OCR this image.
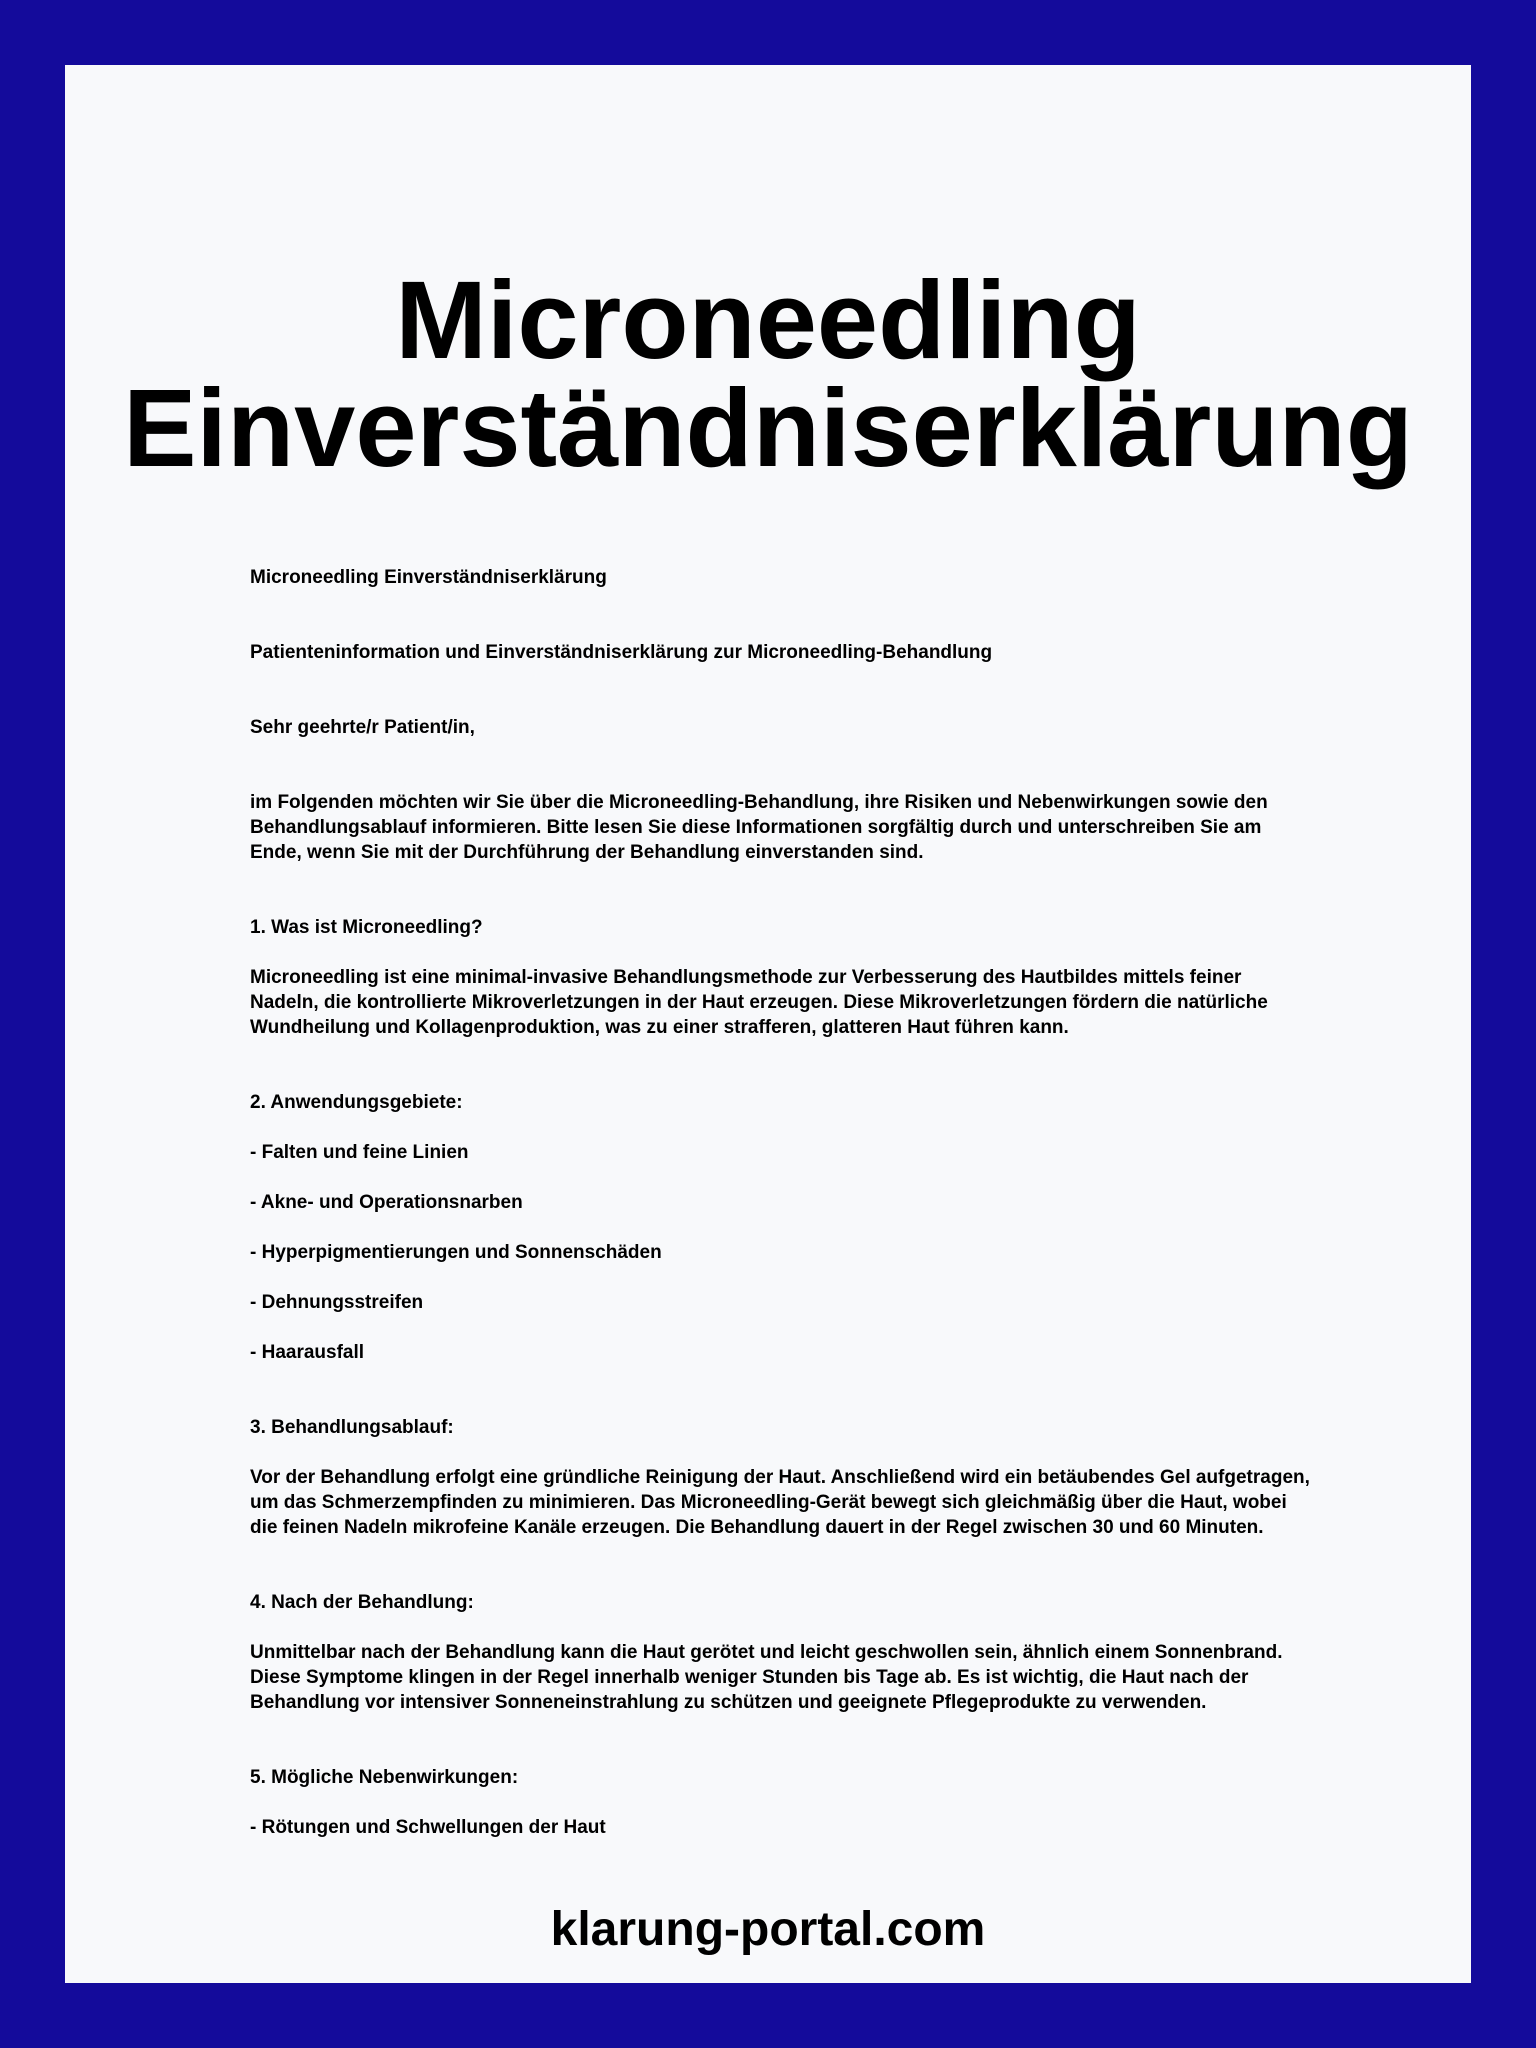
Microneedling
Einverständniserklärung

Microneedling Einverständniserklärung

Patienteninformation und Einverständniserklärung zur Microneedling-Behandlung

Sehr geehrte/r Patient/in,

im Folgenden möchten wir Sie über die Microneedling-Behandlung, ihre Risiken und Nebenwirkungen sowie den Behandlungsablauf informieren. Bitte lesen Sie diese Informationen sorgfältig durch und unterschreiben Sie am Ende, wenn Sie mit der Durchführung der Behandlung einverstanden sind.

1. Was ist Microneedling?

Microneedling ist eine minimal-invasive Behandlungsmethode zur Verbesserung des Hautbildes mittels feiner Nadeln, die kontrollierte Mikroverletzungen in der Haut erzeugen. Diese Mikroverletzungen fördern die natürliche Wundheilung und Kollagenproduktion, was zu einer strafferen, glatteren Haut führen kann.

2. Anwendungsgebiete:

- Falten und feine Linien

- Akne- und Operationsnarben

- Hyperpigmentierungen und Sonnenschäden

- Dehnungsstreifen

- Haarausfall

3. Behandlungsablauf:

Vor der Behandlung erfolgt eine gründliche Reinigung der Haut. Anschließend wird ein betäubendes Gel aufgetragen, um das Schmerzempfinden zu minimieren. Das Microneedling-Gerät bewegt sich gleichmäßig über die Haut, wobei die feinen Nadeln mikrofeine Kanäle erzeugen. Die Behandlung dauert in der Regel zwischen 30 und 60 Minuten.

4. Nach der Behandlung:

Unmittelbar nach der Behandlung kann die Haut gerötet und leicht geschwollen sein, ähnlich einem Sonnenbrand. Diese Symptome klingen in der Regel innerhalb weniger Stunden bis Tage ab. Es ist wichtig, die Haut nach der Behandlung vor intensiver Sonneneinstrahlung zu schützen und geeignete Pflegeprodukte zu verwenden.

5. Mögliche Nebenwirkungen:

- Rötungen und Schwellungen der Haut

klarung-portal.com
